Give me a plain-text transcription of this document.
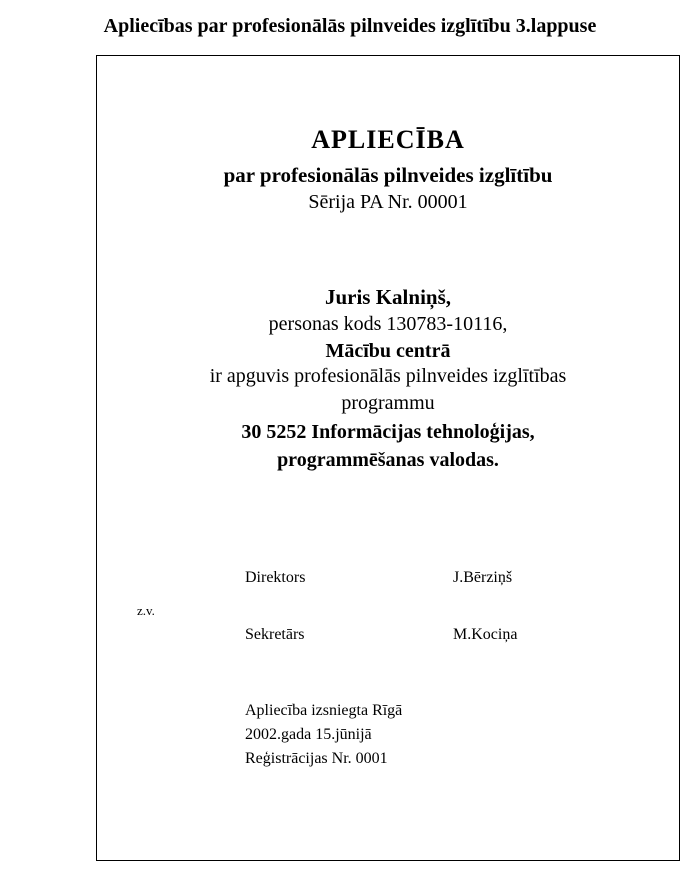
Apliecības par profesionālās pilnveides izglītību 3.lappuse
APLIECĪBA
par profesionālās pilnveides izglītību
Sērija PA Nr. 00001
Juris Kalniņš,
personas kods 130783-10116,
Mācību centrā
ir apguvis profesionālās pilnveides izglītības
programmu
30 5252 Informācijas tehnoloģijas,
programmēšanas valodas.
Direktors	J.Bērziņš
z.v.
Sekretārs	M.Kociņa
Apliecība izsniegta Rīgā
2002.gada 15.jūnijā
Reģistrācijas Nr. 0001
